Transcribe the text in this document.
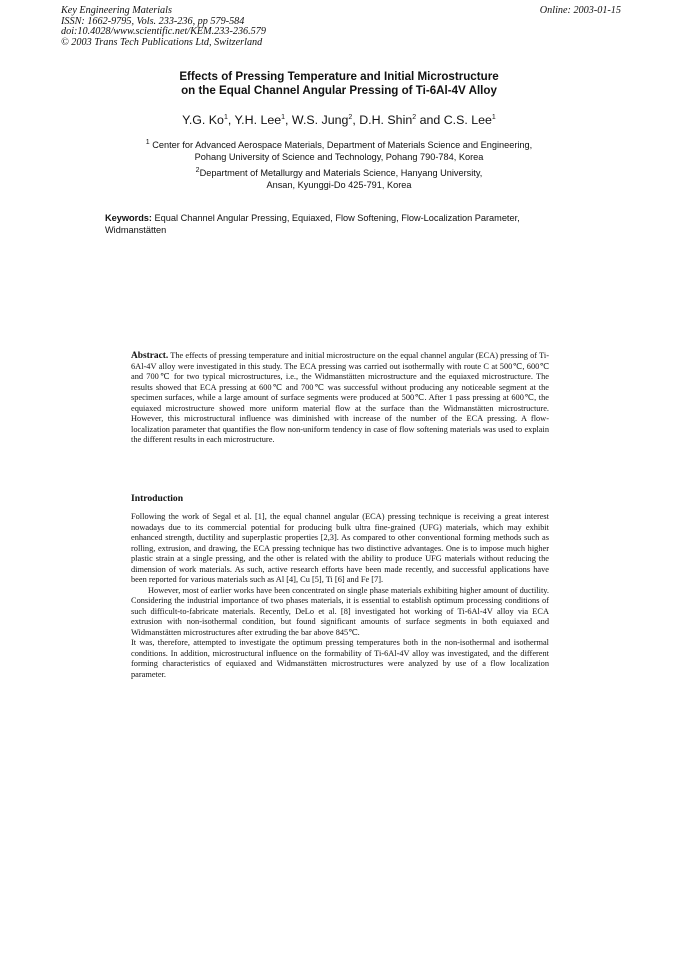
Key Engineering Materials
ISSN: 1662-9795, Vols. 233-236, pp 579-584
doi:10.4028/www.scientific.net/KEM.233-236.579
© 2003 Trans Tech Publications Ltd, Switzerland
Online: 2003-01-15
Effects of Pressing Temperature and Initial Microstructure
on the Equal Channel Angular Pressing of Ti-6Al-4V Alloy
Y.G. Ko$^1$, Y.H. Lee$^1$, W.S. Jung$^2$, D.H. Shin$^2$ and C.S. Lee$^1$
$^1$ Center for Advanced Aerospace Materials, Department of Materials Science and Engineering,
Pohang University of Science and Technology, Pohang 790-784, Korea
$^2$Department of Metallurgy and Materials Science, Hanyang University,
Ansan, Kyunggi-Do 425-791, Korea
Keywords: Equal Channel Angular Pressing, Equiaxed, Flow Softening, Flow-Localization Parameter, Widmanstätten
Abstract. The effects of pressing temperature and initial microstructure on the equal channel angular (ECA) pressing of Ti-6Al-4V alloy were investigated in this study. The ECA pressing was carried out isothermally with route C at 500℃, 600℃ and 700℃ for two typical microstructures, i.e., the Widmanstätten microstructure and the equiaxed microstructure. The results showed that ECA pressing at 600℃ and 700℃ was successful without producing any noticeable segment at the specimen surfaces, while a large amount of surface segments were produced at 500℃. After 1 pass pressing at 600℃, the equiaxed microstructure showed more uniform material flow at the surface than the Widmanstätten microstructure. However, this microstructural influence was diminished with increase of the number of the ECA pressing. A flow-localization parameter that quantifies the flow non-uniform tendency in case of flow softening materials was used to explain the different results in each microstructure.
Introduction

Following the work of Segal et al. [1], the equal channel angular (ECA) pressing technique is receiving a great interest nowadays due to its commercial potential for producing bulk ultra fine-grained (UFG) materials, which may exhibit enhanced strength, ductility and superplastic properties [2,3]. As compared to other conventional forming methods such as rolling, extrusion, and drawing, the ECA pressing technique has two distinctive advantages. One is to impose much higher plastic strain at a single pressing, and the other is related with the ability to produce UFG materials without reducing the dimension of work materials. As such, active research efforts have been made recently, and successful applications have been reported for various materials such as Al [4], Cu [5], Ti [6] and Fe [7].

However, most of earlier works have been concentrated on single phase materials exhibiting higher amount of ductility. Considering the industrial importance of two phases materials, it is essential to establish optimum processing conditions of such difficult-to-fabricate materials. Recently, DeLo et al. [8] investigated hot working of Ti-6Al-4V alloy via ECA extrusion with non-isothermal condition, but found significant amounts of surface segments in both equiaxed and Widmanstätten microstructures after extruding the bar above 845℃.

It was, therefore, attempted to investigate the optimum pressing temperatures both in the non-isothermal and isothermal conditions. In addition, microstructural influence on the formability of Ti-6Al-4V alloy was investigated, and the different forming characteristics of equiaxed and Widmanstätten microstructures were analyzed by use of a flow localization parameter.
